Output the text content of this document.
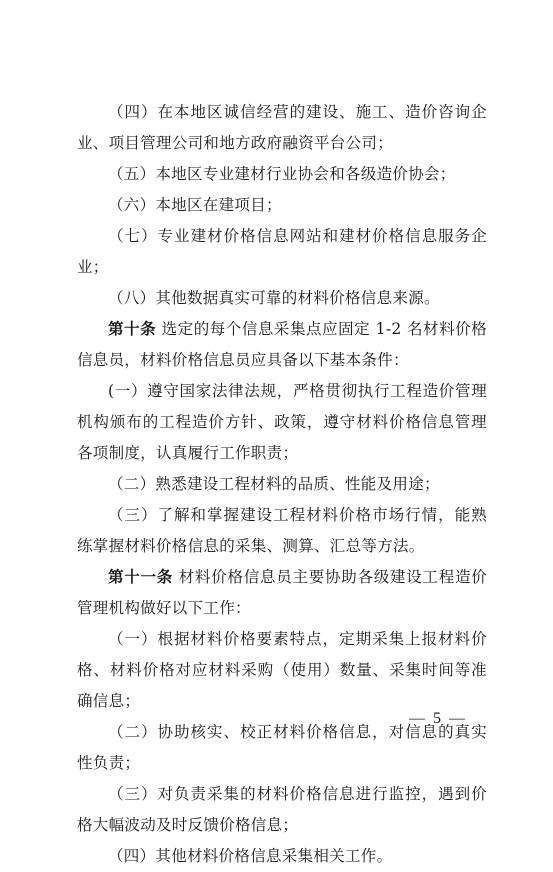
（四）在本地区诚信经营的建设、施工、造价咨询企业、项目管理公司和地方政府融资平台公司；

（五）本地区专业建材行业协会和各级造价协会；

（六）本地区在建项目；

（七）专业建材价格信息网站和建材价格信息服务企业；

（八）其他数据真实可靠的材料价格信息来源。

第十条 选定的每个信息采集点应固定 1-2 名材料价格信息员，材料价格信息员应具备以下基本条件：

(一）遵守国家法律法规，严格贯彻执行工程造价管理机构颁布的工程造价方针、政策，遵守材料价格信息管理各项制度，认真履行工作职责；

（二）熟悉建设工程材料的品质、性能及用途；

（三）了解和掌握建设工程材料价格市场行情，能熟练掌握材料价格信息的采集、测算、汇总等方法。

第十一条 材料价格信息员主要协助各级建设工程造价管理机构做好以下工作：

（一）根据材料价格要素特点，定期采集上报材料价格、材料价格对应材料采购（使用）数量、采集时间等准确信息；

（二）协助核实、校正材料价格信息，对信息的真实性负责；

（三）对负责采集的材料价格信息进行监控，遇到价格大幅波动及时反馈价格信息；

（四）其他材料价格信息采集相关工作。

— 5 —
